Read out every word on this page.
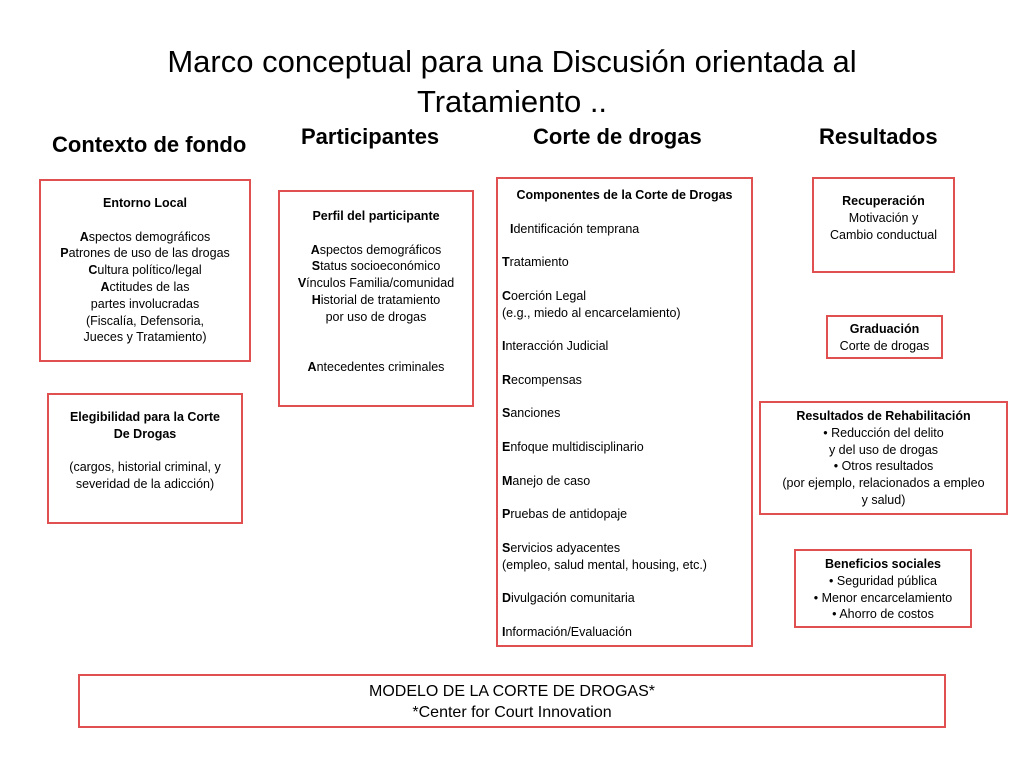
Marco conceptual para una Discusión orientada al
Tratamiento ..
Contexto de fondo Participantes	Corte de drogas	Resultados

Entorno Local

Aspectos demográficos

Patrones de uso de las drogas

Cultura político/legal

Actitudes de las

partes involucradas

(Fiscalía, Defensoria,

Jueces y Tratamiento)

Elegibilidad para la Corte

De Drogas

(cargos, historial criminal, y

severidad de la adicción)

Perfil del participante

Aspectos demográficos

Status socioeconómico

Vínculos Familia/comunidad

Historial de tratamiento

por uso de drogas

Antecedentes criminales

Componentes de la Corte de Drogas

Identificación temprana

Tratamiento

Coerción Legal

(e.g., miedo al encarcelamiento)

Interacción Judicial

Recompensas

Sanciones

Enfoque multidisciplinario

Manejo de caso

Pruebas de antidopaje

Servicios adyacentes

(empleo, salud mental, housing, etc.)

Divulgación comunitaria

Información/Evaluación

Recuperación

Motivación y

Cambio conductual

Graduación

Corte de drogas

Resultados de Rehabilitación

• Reducción del delito

y del uso de drogas

• Otros resultados

(por ejemplo, relacionados a empleo

y salud)

Beneficios sociales

• Seguridad pública

• Menor encarcelamiento

• Ahorro de costos

MODELO DE LA CORTE DE DROGAS*
*Center for Court Innovation
